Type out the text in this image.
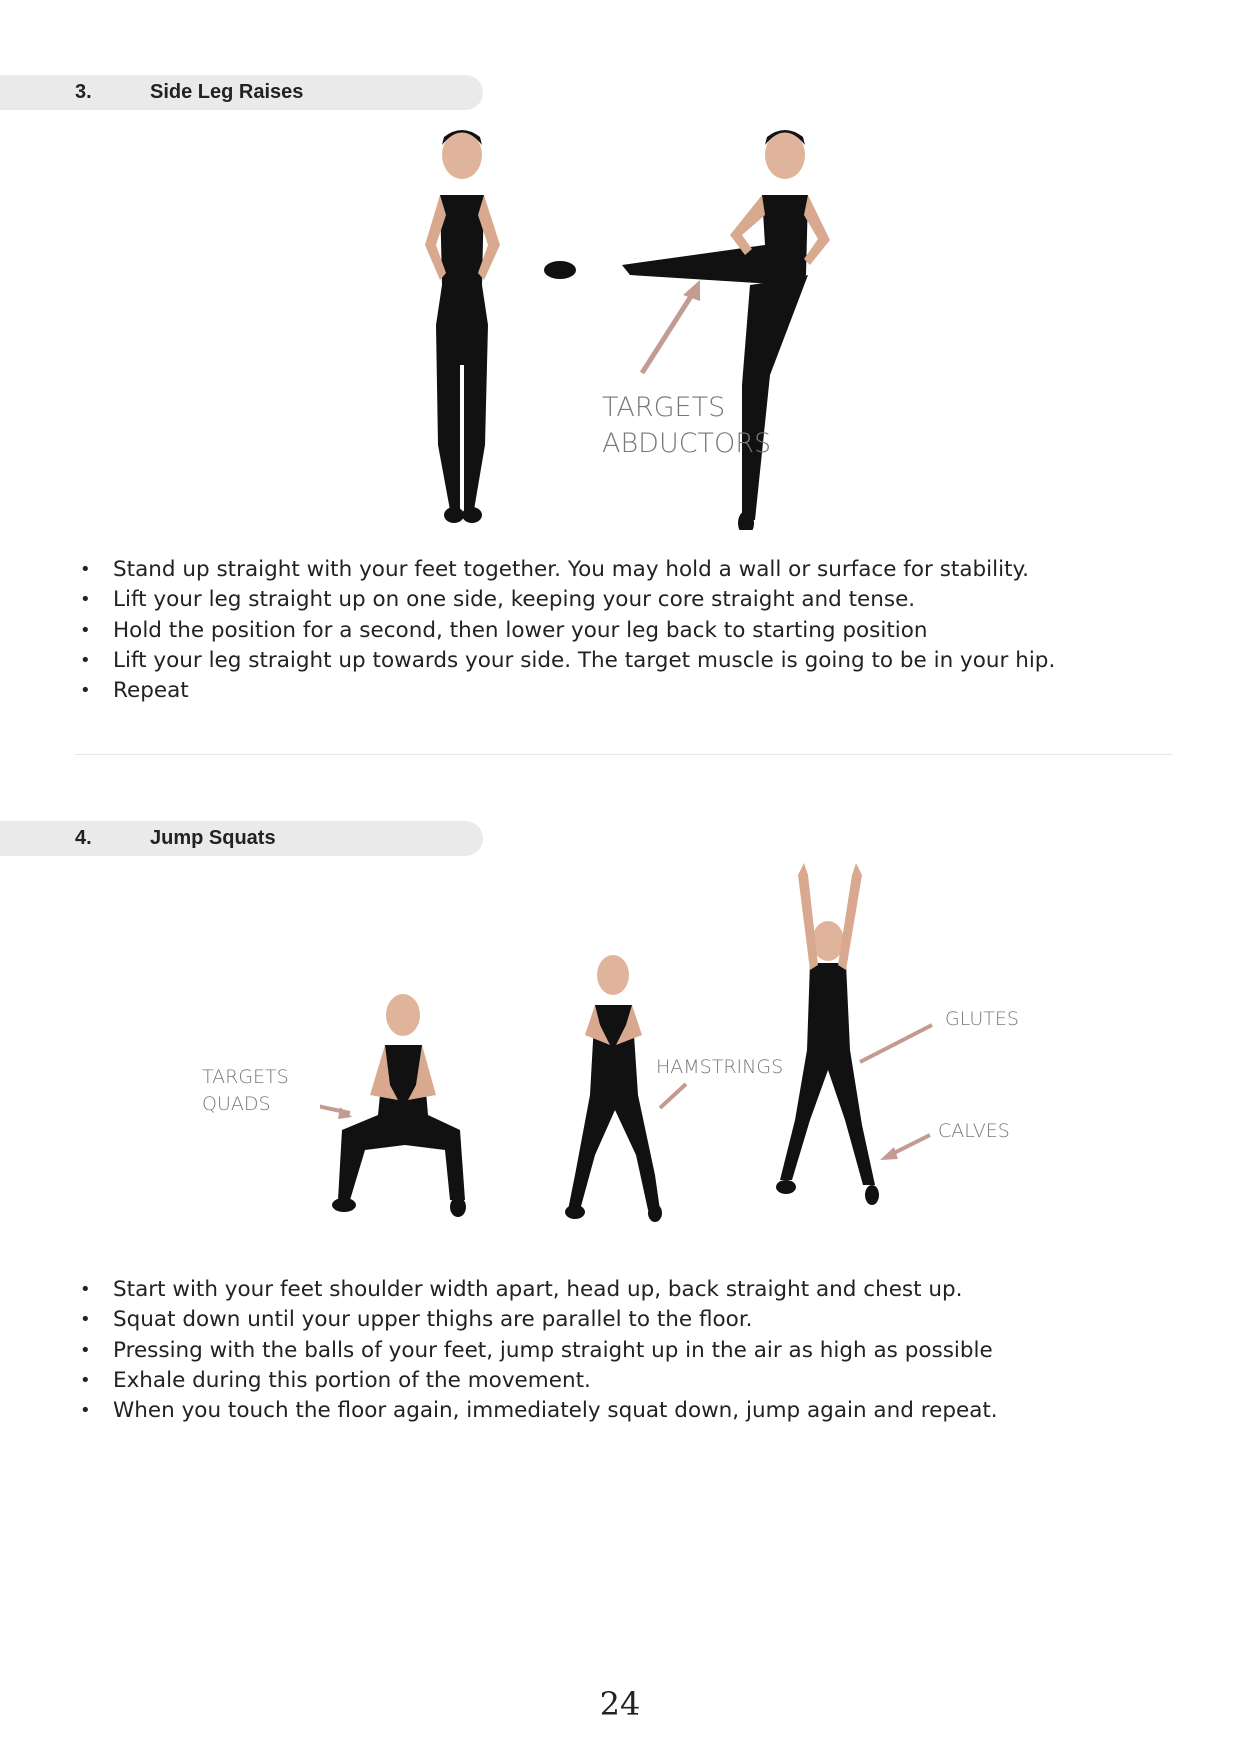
3.	Side Leg Raises
TARGETS
ABDUCTORS
• Stand up straight with your feet together. You may hold a wall or surface for stability.
• Lift your leg straight up on one side, keeping your core straight and tense.
• Hold the position for a second, then lower your leg back to starting position
• Lift your leg straight up towards your side. The target muscle is going to be in your hip.
• Repeat
4.	Jump Squats
TARGETS
QUADS
HAMSTRINGS
GLUTES
CALVES
• Start with your feet shoulder width apart, head up, back straight and chest up.
• Squat down until your upper thighs are parallel to the floor.
• Pressing with the balls of your feet, jump straight up in the air as high as possible
• Exhale during this portion of the movement.
• When you touch the floor again, immediately squat down, jump again and repeat.
24
